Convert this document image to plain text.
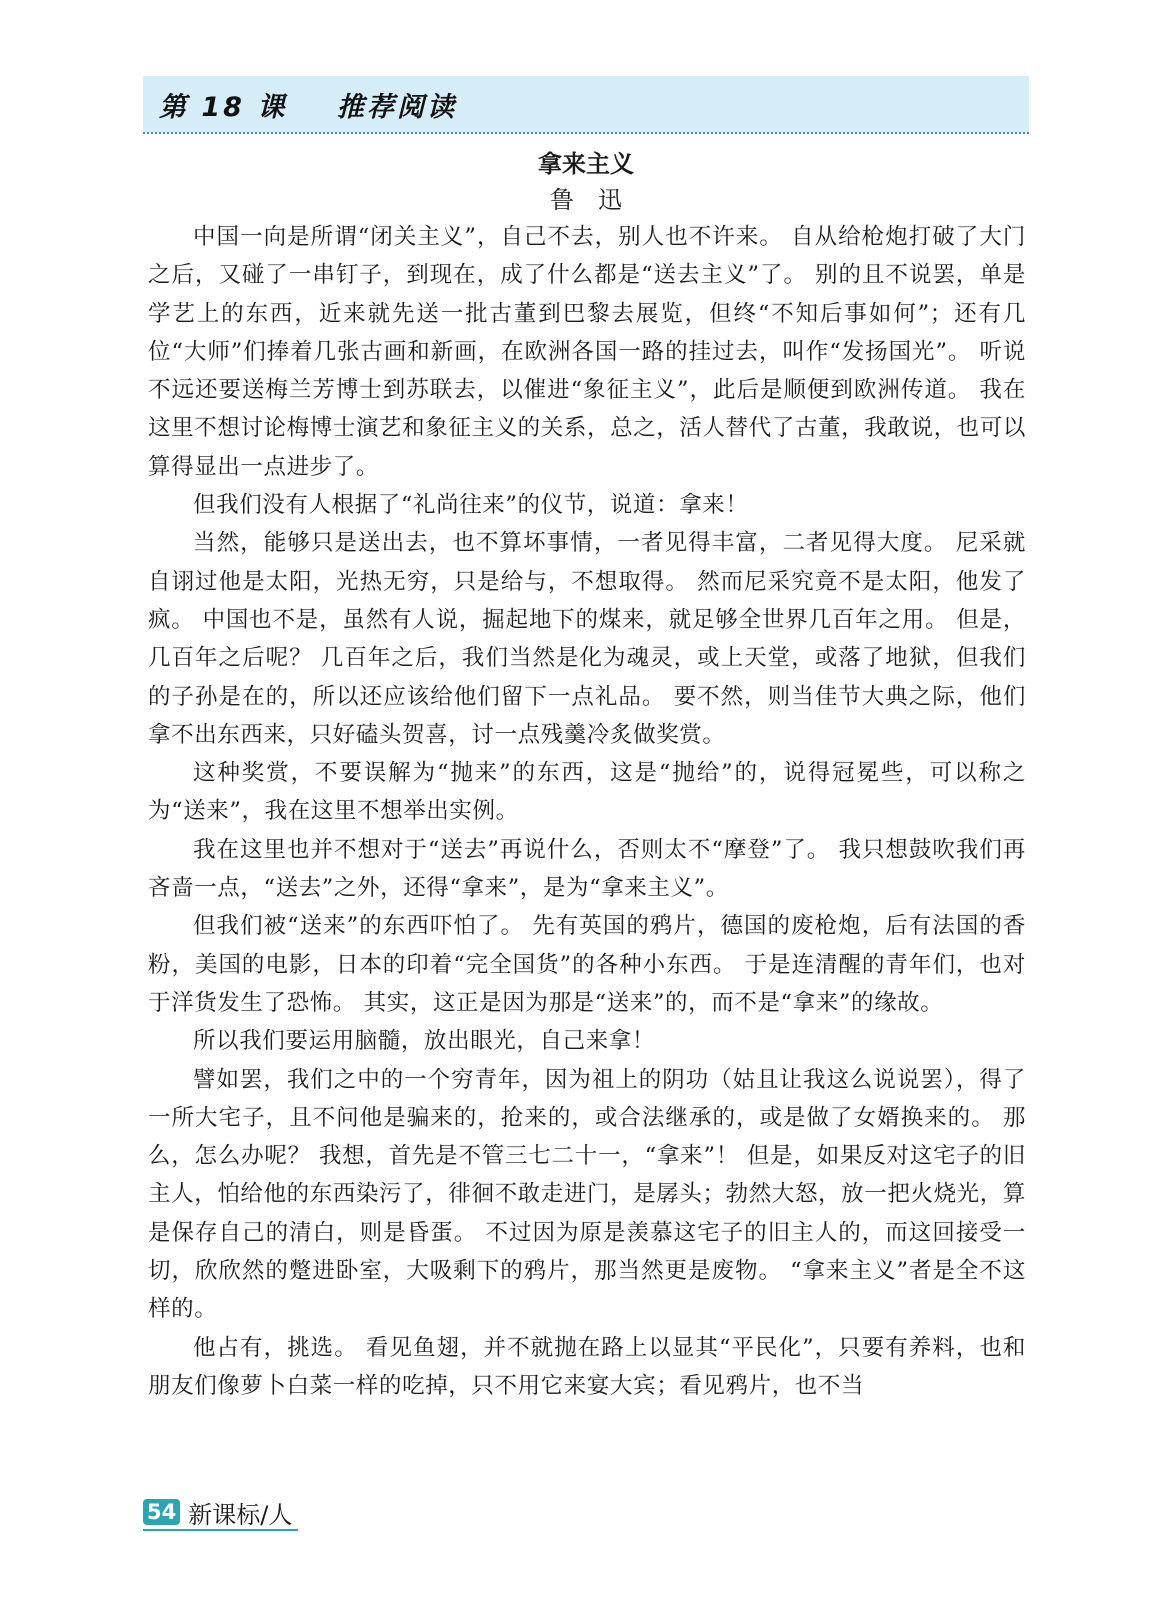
第 18 课    推荐阅读
拿来主义
鲁迅

中国一向是所谓“闭关主义”，自己不去，别人也不许来。 自从给枪炮打破了大门之后，又碰了一串钉子，到现在，成了什么都是“送去主义”了。 别的且不说罢，单是学艺上的东西，近来就先送一批古董到巴黎去展览，但终“不知后事如何”；还有几位“大师”们捧着几张古画和新画，在欧洲各国一路的挂过去，叫作“发扬国光”。 听说不远还要送梅兰芳博士到苏联去，以催进“象征主义”，此后是顺便到欧洲传道。 我在这里不想讨论梅博士演艺和象征主义的关系，总之，活人替代了古董，我敢说，也可以算得显出一点进步了。

但我们没有人根据了“礼尚往来”的仪节，说道：拿来！

当然，能够只是送出去，也不算坏事情，一者见得丰富，二者见得大度。 尼采就自诩过他是太阳，光热无穷，只是给与，不想取得。 然而尼采究竟不是太阳，他发了疯。 中国也不是，虽然有人说，掘起地下的煤来，就足够全世界几百年之用。 但是，几百年之后呢？ 几百年之后，我们当然是化为魂灵，或上天堂，或落了地狱，但我们的子孙是在的，所以还应该给他们留下一点礼品。 要不然，则当佳节大典之际，他们拿不出东西来，只好磕头贺喜，讨一点残羹冷炙做奖赏。

这种奖赏，不要误解为“抛来”的东西，这是“抛给”的，说得冠冕些，可以称之为“送来”，我在这里不想举出实例。

我在这里也并不想对于“送去”再说什么，否则太不“摩登”了。 我只想鼓吹我们再吝啬一点，“送去”之外，还得“拿来”，是为“拿来主义”。

但我们被“送来”的东西吓怕了。 先有英国的鸦片，德国的废枪炮，后有法国的香粉，美国的电影，日本的印着“完全国货”的各种小东西。 于是连清醒的青年们，也对于洋货发生了恐怖。 其实，这正是因为那是“送来”的，而不是“拿来”的缘故。

所以我们要运用脑髓，放出眼光，自己来拿！

譬如罢，我们之中的一个穷青年，因为祖上的阴功（姑且让我这么说说罢），得了一所大宅子，且不问他是骗来的，抢来的，或合法继承的，或是做了女婿换来的。 那么，怎么办呢？ 我想，首先是不管三七二十一，“拿来”！ 但是，如果反对这宅子的旧主人，怕给他的东西染污了，徘徊不敢走进门，是孱头；勃然大怒，放一把火烧光，算是保存自己的清白，则是昏蛋。 不过因为原是羡慕这宅子的旧主人的，而这回接受一切，欣欣然的蹩进卧室，大吸剩下的鸦片，那当然更是废物。 “拿来主义”者是全不这样的。

他占有，挑选。 看见鱼翅，并不就抛在路上以显其“平民化”，只要有养料，也和朋友们像萝卜白菜一样的吃掉，只不用它来宴大宾；看见鸦片，也不当

54 新课标/人
